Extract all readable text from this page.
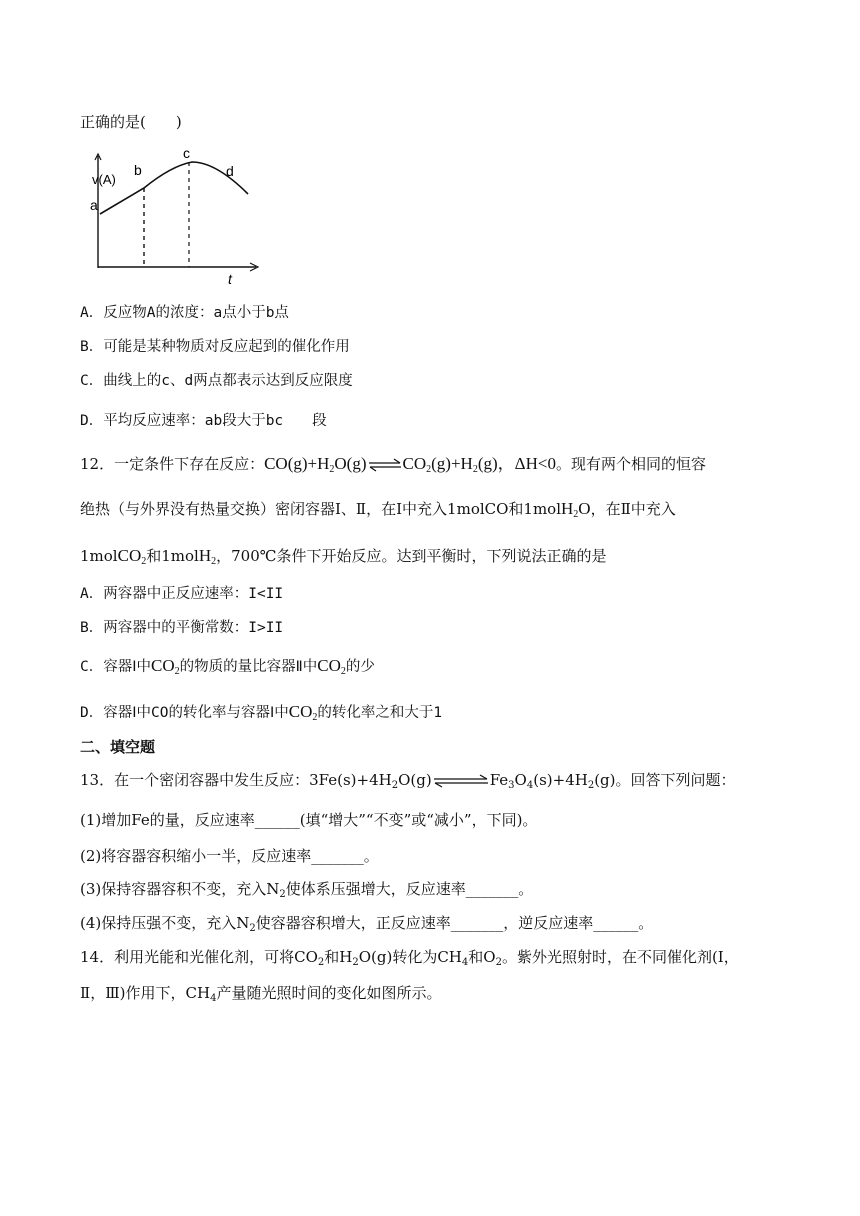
正确的是(　　)
v(A)
a
b
c
d
t
A．反应物A的浓度：a点小于b点
B．可能是某种物质对反应起到的催化作用
C．曲线上的c、d两点都表示达到反应限度
D．平均反应速率：ab段大于bc　　段
12．一定条件下存在反应：$CO(g)+H_2O(g)\rightleftharpoons CO_2(g)+H_2(g)$，ΔH<0。现有两个相同的恒容
绝热（与外界没有热量交换）密闭容器Ⅰ、Ⅱ，在Ⅰ中充入1molCO和1molH$_2$O，在Ⅱ中充入
1molCO$_2$和1molH$_2$，700℃条件下开始反应。达到平衡时，下列说法正确的是
A．两容器中正反应速率：I<II
B．两容器中的平衡常数：I>II
C．容器Ⅰ中$CO_2$的物质的量比容器Ⅱ中$CO_2$的少
D．容器Ⅰ中CO的转化率与容器Ⅰ中$CO_2$的转化率之和大于1
二、填空题
13．在一个密闭容器中发生反应：$3Fe(s)+4H_2O(g)\rightleftharpoons Fe_3O_4(s)+4H_2(g)$。回答下列问题：
(1)增加Fe的量，反应速率______(填“增大”“不变”或“减小”，下同)。
(2)将容器容积缩小一半，反应速率_______。
(3)保持容器容积不变，充入$N_2$使体系压强增大，反应速率_______。
(4)保持压强不变，充入$N_2$使容器容积增大，正反应速率_______，逆反应速率______。
14．利用光能和光催化剂，可将$CO_2$和$H_2O(g)$转化为$CH_4$和$O_2$。紫外光照射时，在不同催化剂(Ⅰ，
Ⅱ，Ⅲ)作用下，$CH_4$产量随光照时间的变化如图所示。
